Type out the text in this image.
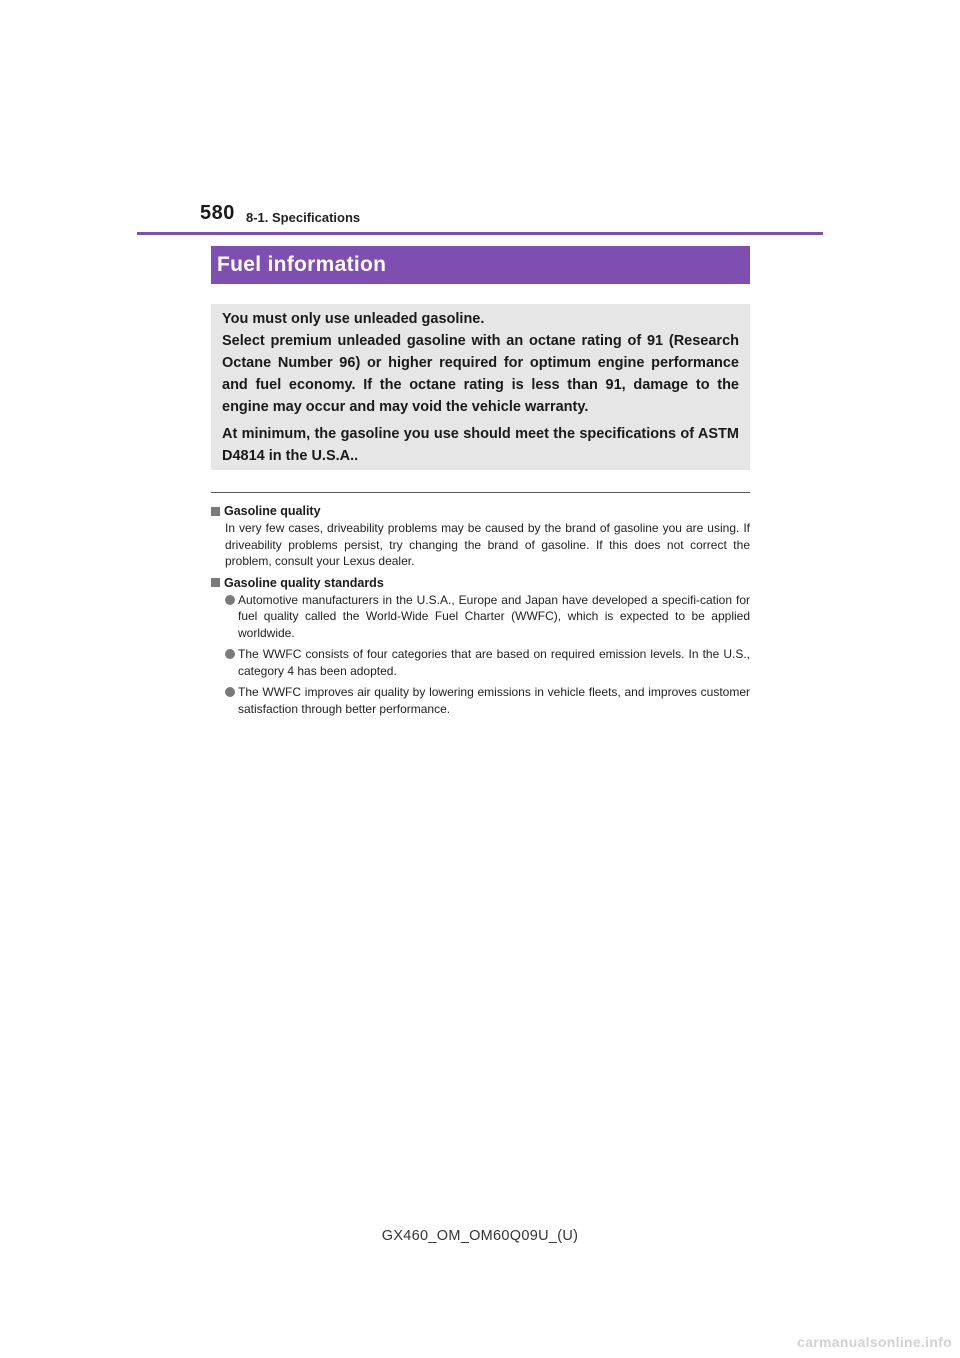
580 8-1. Specifications
Fuel information

You must only use unleaded gasoline.

Select premium unleaded gasoline with an octane rating of 91 (Research Octane Number 96) or higher required for optimum engine performance and fuel economy. If the octane rating is less than 91, damage to the engine may occur and may void the vehicle warranty.

At minimum, the gasoline you use should meet the specifications of ASTM D4814 in the U.S.A..

Gasoline quality

In very few cases, driveability problems may be caused by the brand of gasoline you are using. If driveability problems persist, try changing the brand of gasoline. If this does not correct the problem, consult your Lexus dealer.

Gasoline quality standards
Automotive manufacturers in the U.S.A., Europe and Japan have developed a specifi-cation for fuel quality called the World-Wide Fuel Charter (WWFC), which is expected to be applied worldwide.
The WWFC consists of four categories that are based on required emission levels. In the U.S., category 4 has been adopted.
The WWFC improves air quality by lowering emissions in vehicle fleets, and improves customer satisfaction through better performance.
GX460_OM_OM60Q09U_(U)
carmanualsonline.info
